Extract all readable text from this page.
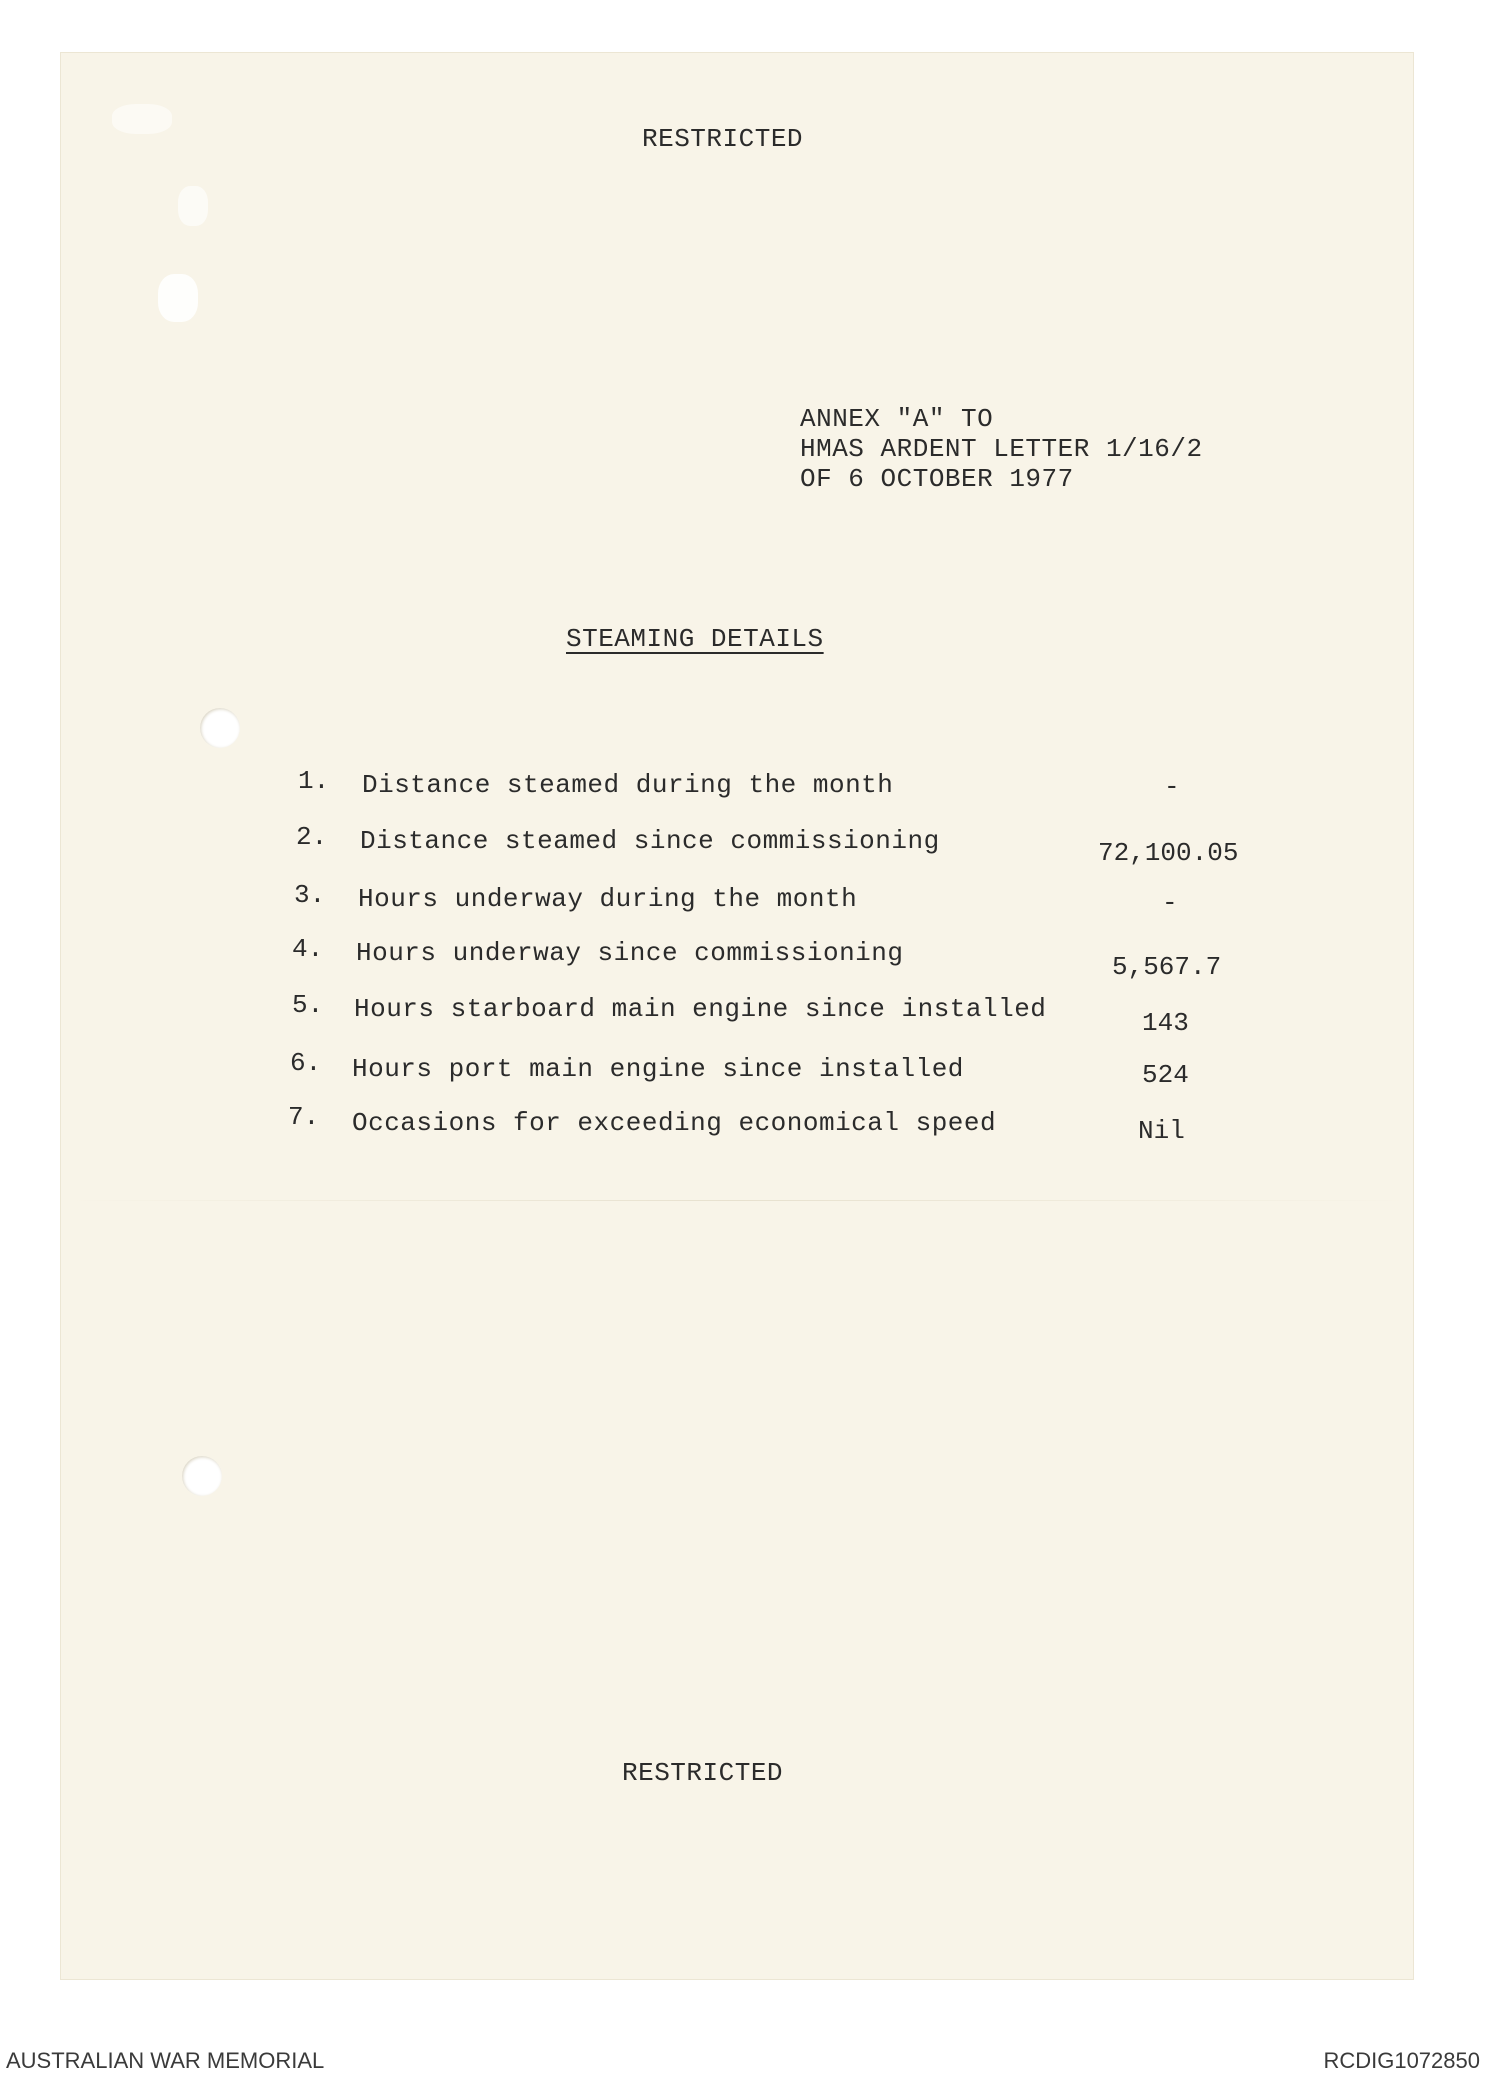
RESTRICTED
ANNEX "A" TO
HMAS ARDENT LETTER 1/16/2
OF 6 OCTOBER 1977
STEAMING DETAILS
1.	Distance steamed during the month	-
2.	Distance steamed since commissioning	72,100.05
3.	Hours underway during the month	-
4.	Hours underway since commissioning	5,567.7
5.	Hours starboard main engine since installed	143
6.	Hours port main engine since installed	524
7.	Occasions for exceeding economical speed	Nil
RESTRICTED
AUSTRALIAN WAR MEMORIAL	RCDIG1072850
